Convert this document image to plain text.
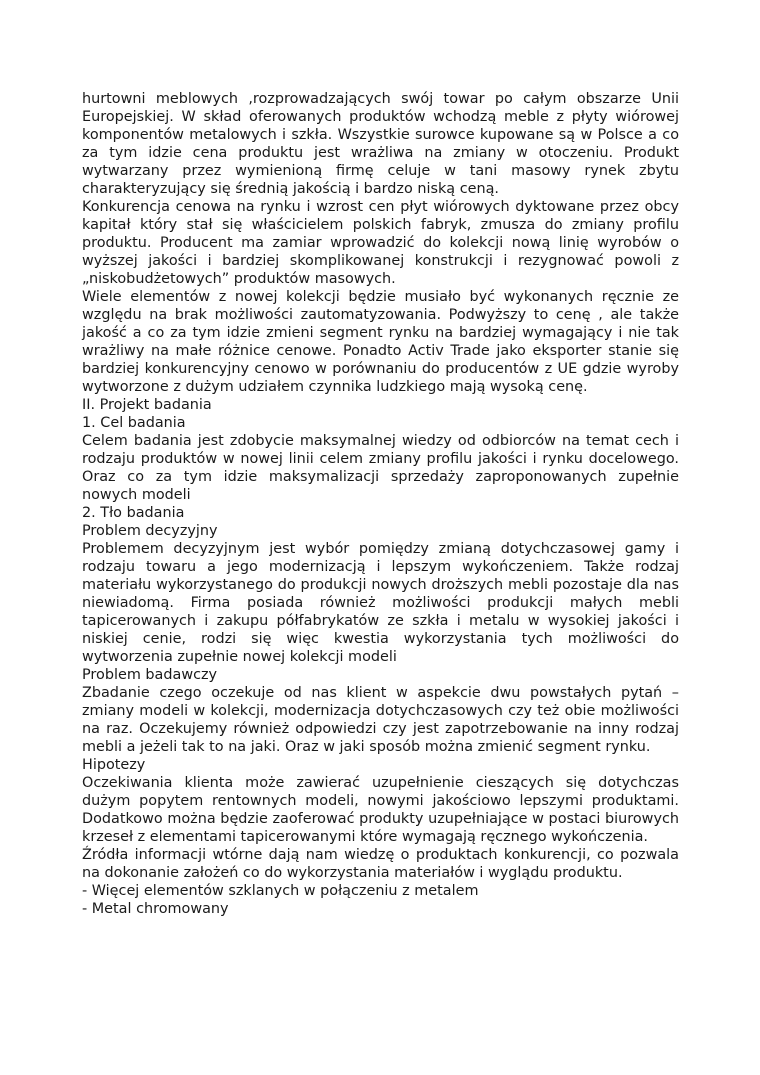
hurtowni meblowych ,rozprowadzających swój towar po całym obszarze Unii Europejskiej. W skład oferowanych produktów wchodzą meble z płyty wiórowej komponentów metalowych i szkła. Wszystkie surowce kupowane są w Polsce a co za tym idzie cena produktu jest wrażliwa na zmiany w otoczeniu. Produkt wytwarzany przez wymienioną firmę celuje w tani masowy rynek zbytu charakteryzujący się średnią jakością i bardzo niską ceną.

Konkurencja cenowa na rynku i wzrost cen płyt wiórowych dyktowane przez obcy kapitał który stał się właścicielem polskich fabryk, zmusza do zmiany profilu produktu. Producent ma zamiar wprowadzić do kolekcji nową linię wyrobów o wyższej jakości i bardziej skomplikowanej konstrukcji i rezygnować powoli z „niskobudżetowych” produktów masowych.

Wiele elementów z nowej kolekcji będzie musiało być wykonanych ręcznie ze względu na brak możliwości zautomatyzowania. Podwyższy to cenę , ale także jakość a co za tym idzie zmieni segment rynku na bardziej wymagający i nie tak wrażliwy na małe różnice cenowe. Ponadto Activ Trade jako eksporter stanie się bardziej konkurencyjny cenowo w porównaniu do producentów z UE gdzie wyroby wytworzone z dużym udziałem czynnika ludzkiego mają wysoką cenę.

II. Projekt badania

1. Cel badania

Celem badania jest zdobycie maksymalnej wiedzy od odbiorców na temat cech i rodzaju produktów w nowej linii celem zmiany profilu jakości i rynku docelowego. Oraz co za tym idzie maksymalizacji sprzedaży zaproponowanych zupełnie nowych modeli

2. Tło badania

Problem decyzyjny

Problemem decyzyjnym jest wybór pomiędzy zmianą dotychczasowej gamy i rodzaju towaru a jego modernizacją i lepszym wykończeniem. Także rodzaj materiału wykorzystanego do produkcji nowych droższych mebli pozostaje dla nas niewiadomą. Firma posiada również możliwości produkcji małych mebli tapicerowanych i zakupu półfabrykatów ze szkła i metalu w wysokiej jakości i niskiej cenie, rodzi się więc kwestia wykorzystania tych możliwości do wytworzenia zupełnie nowej kolekcji modeli

Problem badawczy

Zbadanie czego oczekuje od nas klient w aspekcie dwu powstałych pytań – zmiany modeli w kolekcji, modernizacja dotychczasowych czy też obie możliwości na raz. Oczekujemy również odpowiedzi czy jest zapotrzebowanie na inny rodzaj mebli a jeżeli tak to na jaki. Oraz w jaki sposób można zmienić segment rynku.

Hipotezy

Oczekiwania klienta może zawierać uzupełnienie cieszących się dotychczas dużym popytem rentownych modeli, nowymi jakościowo lepszymi produktami. Dodatkowo można będzie zaoferować produkty uzupełniające w postaci biurowych krzeseł z elementami tapicerowanymi które wymagają ręcznego wykończenia.

Źródła informacji wtórne dają nam wiedzę o produktach konkurencji, co pozwala na dokonanie założeń co do wykorzystania materiałów i wyglądu produktu.

- Więcej elementów szklanych w połączeniu z metalem

- Metal chromowany
